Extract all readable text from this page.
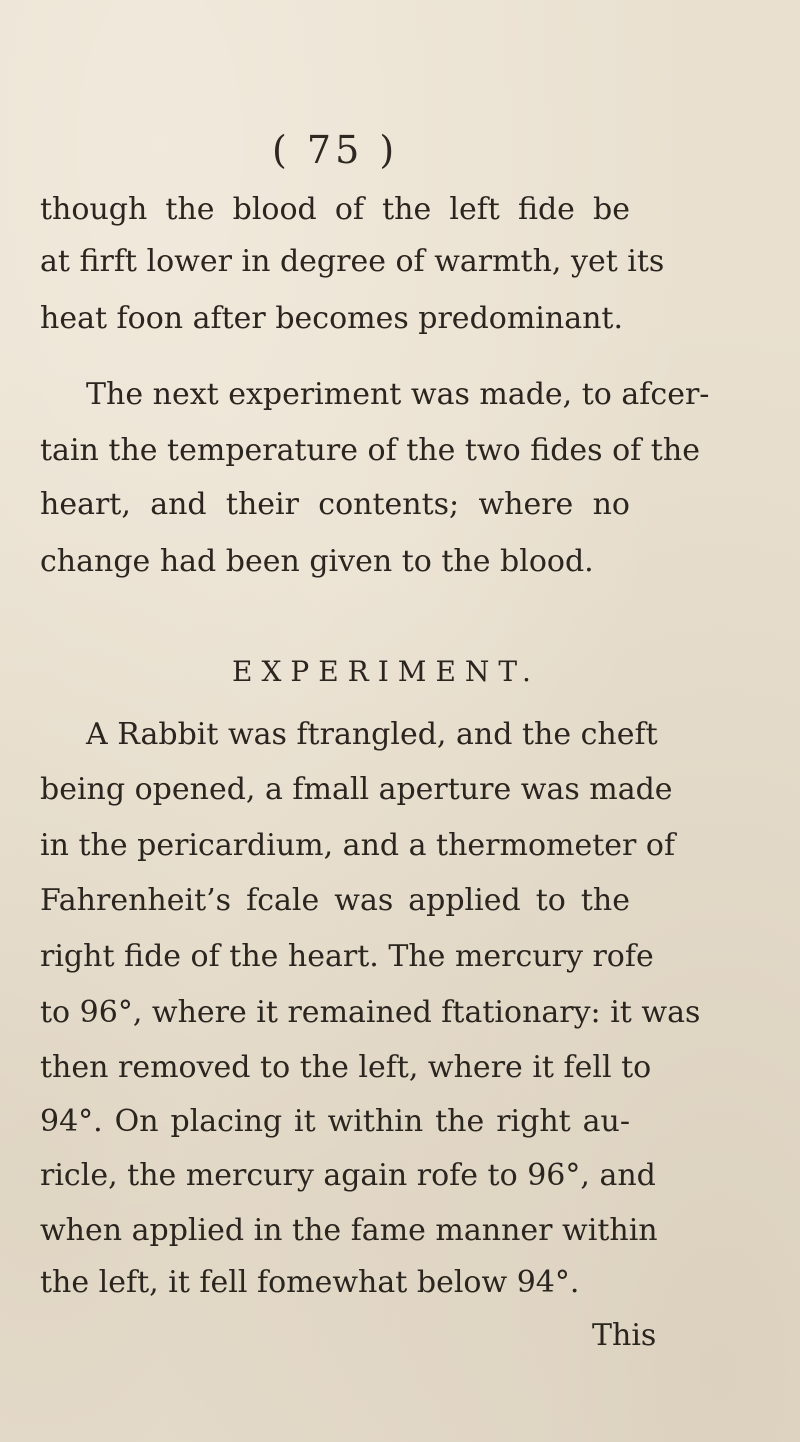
( 75 )
though the blood of the left fide be
at firft lower in degree of warmth, yet its
heat foon after becomes predominant.
The next experiment was made, to afcer-
tain the temperature of the two fides of the
heart, and their contents; where no
change had been given to the blood.
EXPERIMENT.
A Rabbit was ftrangled, and the cheft
being opened, a fmall aperture was made
in the pericardium, and a thermometer of
Fahrenheit’s fcale was applied to the
right fide of the heart. The mercury rofe
to 96°, where it remained ftationary: it was
then removed to the left, where it fell to
94°. On placing it within the right au-
ricle, the mercury again rofe to 96°, and
when applied in the fame manner within
the left, it fell fomewhat below 94°.
This
